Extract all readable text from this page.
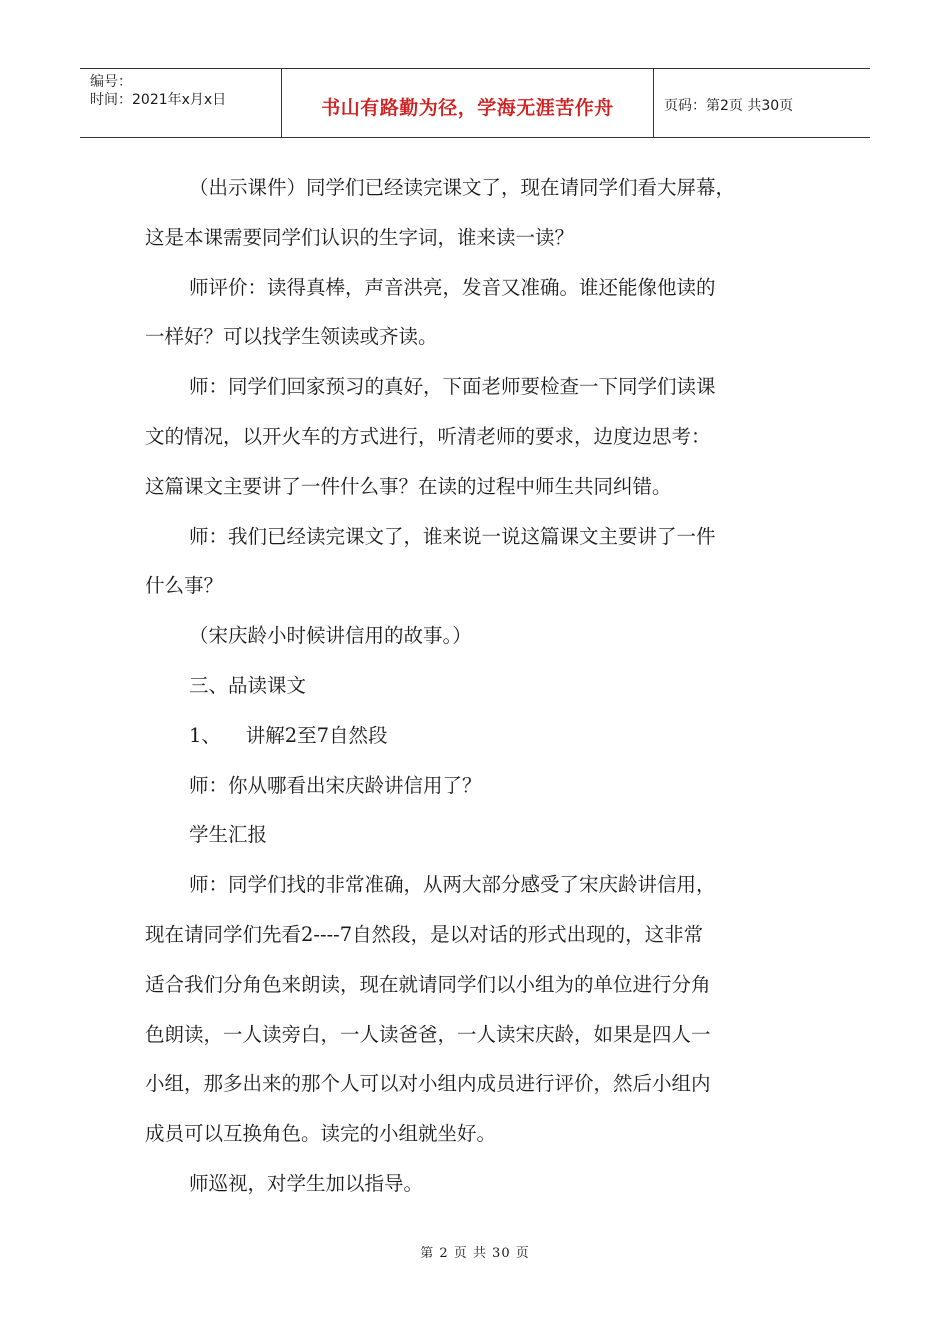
编号：
时间：2021年x月x日	书山有路勤为径，学海无涯苦作舟	页码：第2页 共30页

（出示课件）同学们已经读完课文了，现在请同学们看大屏幕，

这是本课需要同学们认识的生字词，谁来读一读？

师评价：读得真棒，声音洪亮，发音又准确。谁还能像他读的

一样好？可以找学生领读或齐读。

师：同学们回家预习的真好，下面老师要检查一下同学们读课

文的情况，以开火车的方式进行，听清老师的要求，边度边思考：

这篇课文主要讲了一件什么事？在读的过程中师生共同纠错。

师：我们已经读完课文了，谁来说一说这篇课文主要讲了一件

什么事？

（宋庆龄小时候讲信用的故事。）

三、品读课文

1、    讲解2至7自然段

师：你从哪看出宋庆龄讲信用了？

学生汇报

师：同学们找的非常准确，从两大部分感受了宋庆龄讲信用，

现在请同学们先看2----7自然段，是以对话的形式出现的，这非常

适合我们分角色来朗读，现在就请同学们以小组为的单位进行分角

色朗读，一人读旁白，一人读爸爸，一人读宋庆龄，如果是四人一

小组，那多出来的那个人可以对小组内成员进行评价，然后小组内

成员可以互换角色。读完的小组就坐好。

师巡视，对学生加以指导。

第 2 页 共 30 页
